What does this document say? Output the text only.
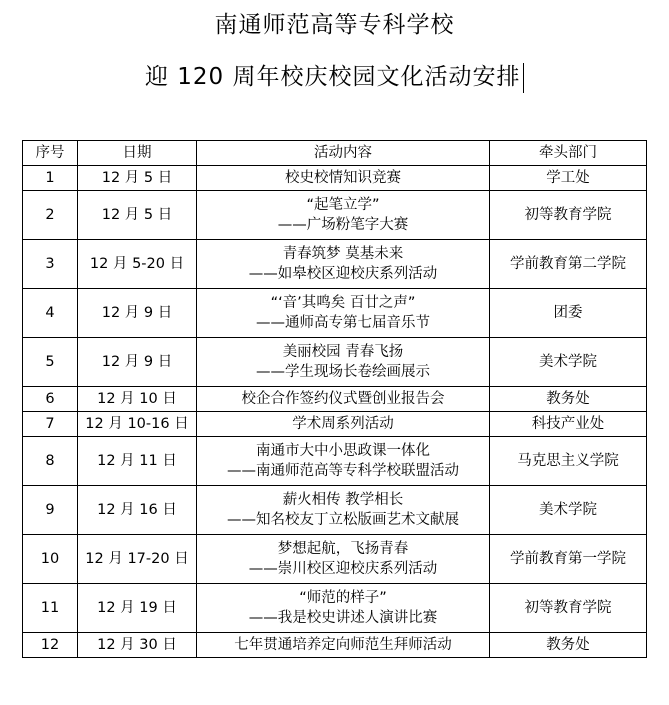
南通师范高等专科学校
迎 120 周年校庆校园文化活动安排
序号	日期	活动内容	牵头部门
1	12 月 5 日	校史校情知识竞赛	学工处
2	12 月 5 日	“起笔立学”
——广场粉笔字大赛	初等教育学院
3	12 月 5-20 日	青春筑梦 莫基未来
——如皋校区迎校庆系列活动	学前教育第二学院
4	12 月 9 日	“‘音’其鸣矣 百廿之声”
——通师高专第七届音乐节	团委
5	12 月 9 日	美丽校园 青春飞扬
——学生现场长卷绘画展示	美术学院
6	12 月 10 日	校企合作签约仪式暨创业报告会	教务处
7	12 月 10-16 日	学术周系列活动	科技产业处
8	12 月 11 日	南通市大中小思政课一体化
——南通师范高等专科学校联盟活动	马克思主义学院
9	12 月 16 日	薪火相传 教学相长
——知名校友丁立松版画艺术文献展	美术学院
10	12 月 17-20 日	梦想起航，飞扬青春
——崇川校区迎校庆系列活动	学前教育第一学院
11	12 月 19 日	“师范的样子”
——我是校史讲述人演讲比赛	初等教育学院
12	12 月 30 日	七年贯通培养定向师范生拜师活动	教务处
